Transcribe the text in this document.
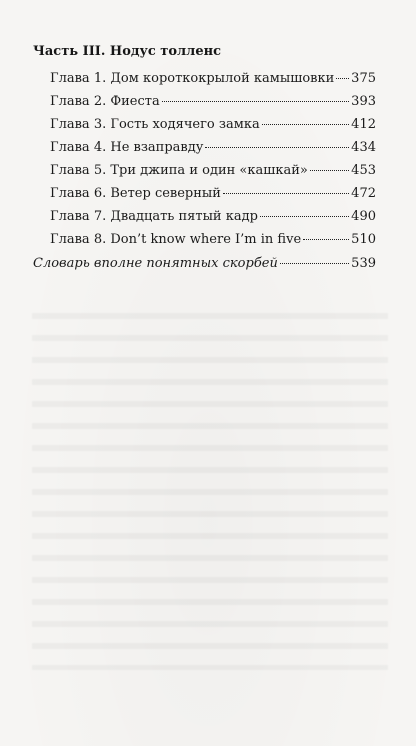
Часть III. Нодус толленс
Глава 1. Дом короткокрылой камышовки 375
Глава 2. Фиеста	393
Глава 3. Гость ходячего замка	412
Глава 4. Не взаправду	434
Глава 5. Три джипа и один «кашкай»	453
Глава 6. Ветер северный	472
Глава 7. Двадцать пятый кадр	490
Глава 8. Don’t know where I’m in five	510
Словарь вполне понятных скорбей	539
